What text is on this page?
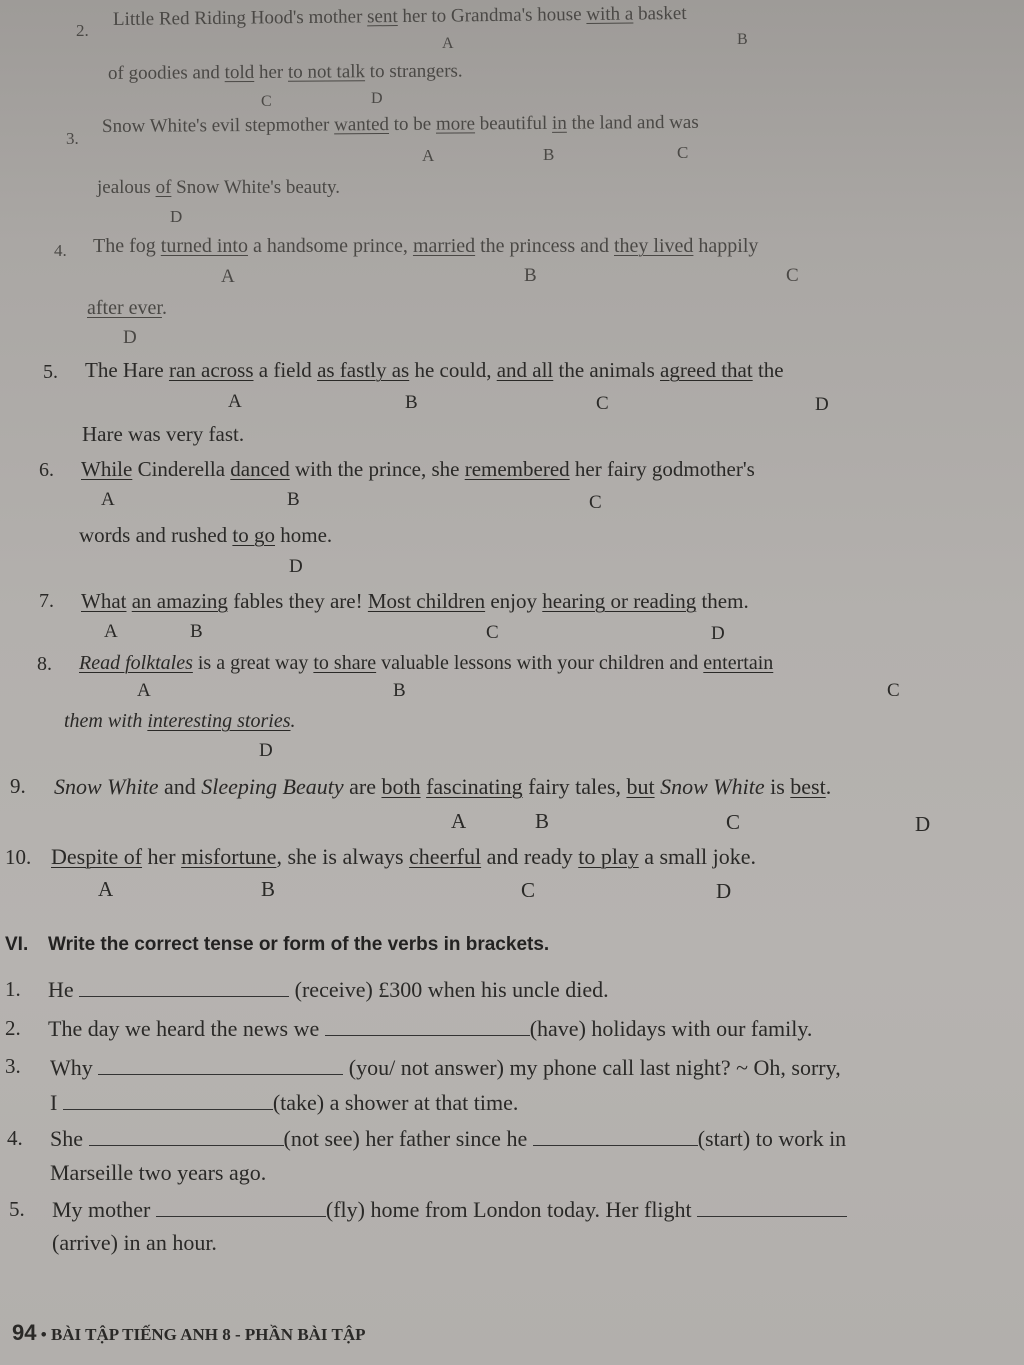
2.
Little Red Riding Hood's mother sent her to Grandma's house with a basket
A	B
of goodies and told her to not talk to strangers.
C	D
3.
Snow White's evil stepmother wanted to be more beautiful in the land and was
A	B	C
jealous of Snow White's beauty.
D
4. The fog turned into a handsome prince, married the princess and they lived happily
A	B	C
after ever.
D
5. The Hare ran across a field as fastly as he could, and all the animals agreed that the
A	B	C	D
Hare was very fast.
6. While Cinderella danced with the prince, she remembered her fairy godmother's
A	B	C
words and rushed to go home.
D
7. What an amazing fables they are! Most children enjoy hearing or reading them.
A	B	C	D
8. Read folktales is a great way to share valuable lessons with your children and entertain
A	B	C
them with interesting stories.
D
9. Snow White and Sleeping Beauty are both fascinating fairy tales, but Snow White is best.
A	B	C	D
10. Despite of her misfortune, she is always cheerful and ready to play a small joke.
A	B	C	D
VI. Write the correct tense or form of the verbs in brackets.
1. He	(receive) £300 when his uncle died.
2. The day we heard the news we	(have) holidays with our family.
3. Why	(you/ not answer) my phone call last night? ~ Oh, sorry,
I	(take) a shower at that time.
4. She	(not see) her father since he	(start) to work in
Marseille two years ago.
5. My mother	(fly) home from London today. Her flight
(arrive) in an hour.
94 • BÀI TẬP TIẾNG ANH 8 - PHẦN BÀI TẬP
